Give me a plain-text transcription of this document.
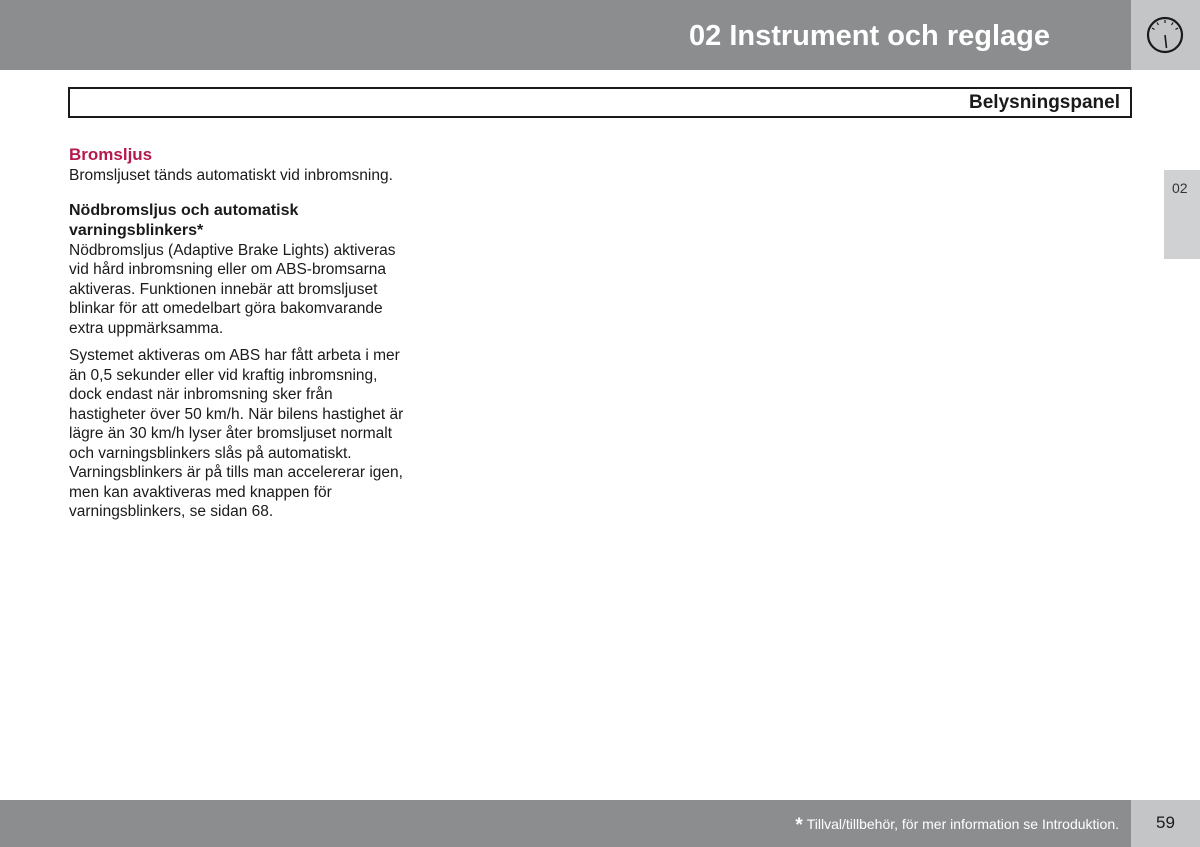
02 Instrument och reglage
Belysningspanel
02
Bromsljus

Bromsljuset tänds automatiskt vid inbromsning.

Nödbromsljus och automatisk varningsblinkers*

Nödbromsljus (Adaptive Brake Lights) aktiveras vid hård inbromsning eller om ABS-bromsarna aktiveras. Funktionen innebär att bromsljuset blinkar för att omedelbart göra bakomvarande extra uppmärksamma.

Systemet aktiveras om ABS har fått arbeta i mer än 0,5 sekunder eller vid kraftig inbromsning, dock endast när inbromsning sker från hastigheter över 50 km/h. När bilens hastighet är lägre än 30 km/h lyser åter bromsljuset normalt och varningsblinkers slås på automatiskt. Varningsblinkers är på tills man accelererar igen, men kan avaktiveras med knappen för varningsblinkers, se sidan 68.

* Tillval/tillbehör, för mer information se Introduktion.	59
